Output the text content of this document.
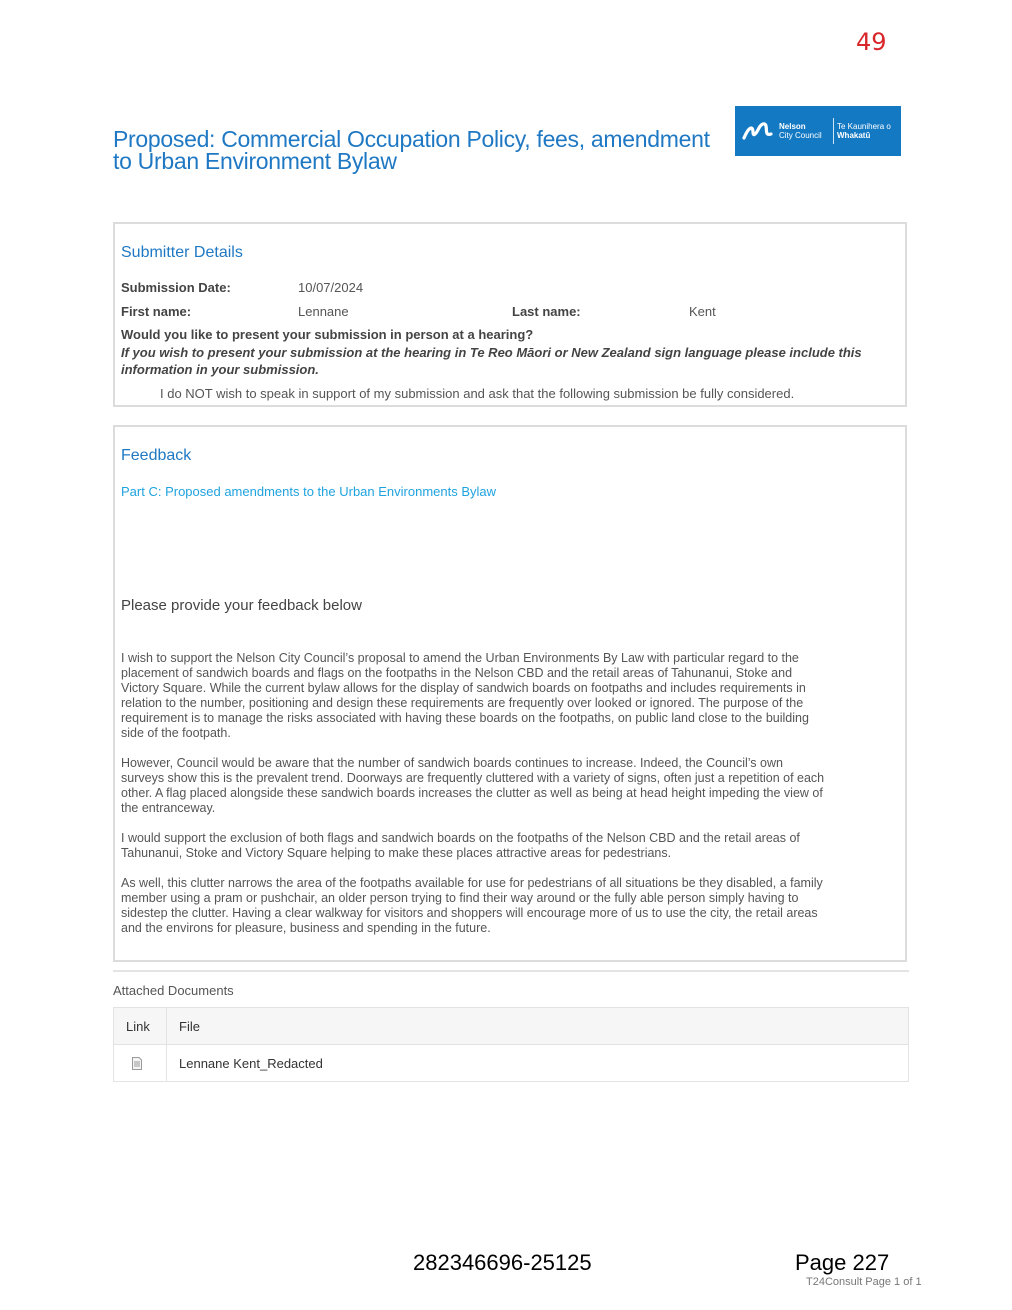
49
Proposed: Commercial Occupation Policy, fees, amendment to Urban Environment Bylaw
Nelson
City Council
Te Kaunihera o
Whakatū
Submitter Details
Submission Date:	10/07/2024
First name:	Lennane	Last name:	Kent
Would you like to present your submission in person at a hearing?
If you wish to present your submission at the hearing in Te Reo Māori or New Zealand sign language please include this information in your submission.
I do NOT wish to speak in support of my submission and ask that the following submission be fully considered.
Feedback
Part C: Proposed amendments to the Urban Environments Bylaw
Please provide your feedback below

I wish to support the Nelson City Council’s proposal to amend the Urban Environments By Law with particular regard to the placement of sandwich boards and flags on the footpaths in the Nelson CBD and the retail areas of Tahunanui, Stoke and Victory Square. While the current bylaw allows for the display of sandwich boards on footpaths and includes requirements in relation to the number, positioning and design these requirements are frequently over looked or ignored. The purpose of the requirement is to manage the risks associated with having these boards on the footpaths, on public land close to the building side of the footpath.

However, Council would be aware that the number of sandwich boards continues to increase. Indeed, the Council’s own surveys show this is the prevalent trend. Doorways are frequently cluttered with a variety of signs, often just a repetition of each other. A flag placed alongside these sandwich boards increases the clutter as well as being at head height impeding the view of the entranceway.

I would support the exclusion of both flags and sandwich boards on the footpaths of the Nelson CBD and the retail areas of Tahunanui, Stoke and Victory Square helping to make these places attractive areas for pedestrians.

As well, this clutter narrows the area of the footpaths available for use for pedestrians of all situations be they disabled, a family member using a pram or pushchair, an older person trying to find their way around or the fully able person simply having to sidestep the clutter. Having a clear walkway for visitors and shoppers will encourage more of us to use the city, the retail areas and the environs for pleasure, business and spending in the future.

Attached Documents
Link	File

	Lennane Kent_Redacted
282346696-25125	Page 227
T24Consult Page 1 of 1
